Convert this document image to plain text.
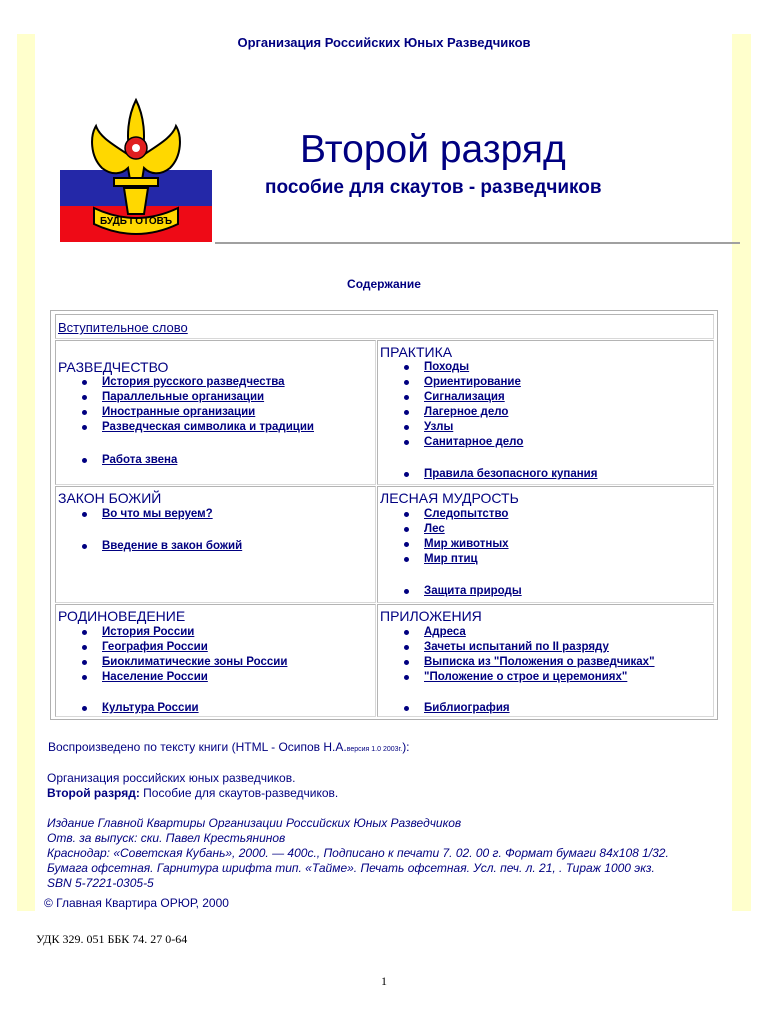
Организация Российских Юных Разведчиков
БУДЬ ГОТОВЪ
Второй разряд
пособие для скаутов - разведчиков
Содержание
Вступительное слово
РАЗВЕДЧЕСТВО
История русского разведчества
Параллельные организации
Иностранные организации
Разведческая символика и традиции
Работа звена
ПРАКТИКА
Походы
Ориентирование
Сигнализация
Лагерное дело
Узлы
Санитарное дело
Правила безопасного купания
ЗАКОН БОЖИЙ
Во что мы веруем?
Введение в закон божий
ЛЕСНАЯ МУДРОСТЬ
Следопытство
Лес
Мир животных
Мир птиц
Защита природы
РОДИНОВЕДЕНИЕ
История России
География России
Биоклиматические зоны России
Население России
Культура России
ПРИЛОЖЕНИЯ
Адреса
Зачеты испытаний по II разряду
Выписка из "Положения о разведчиках"
"Положение о строе и церемониях"
Библиография
Воспроизведено по тексту книги (HTML - Осипов Н.А.версия 1.0 2003г.):
Организация российских юных разведчиков.
Второй разряд: Пособие для скаутов-разведчиков.
Издание Главной Квартиры Организации Российских Юных Разведчиков
Отв. за выпуск: ски. Павел Крестьянинов
Краснодар: «Советская Кубань», 2000. — 400с., Подписано к печати 7. 02. 00 г. Формат бумаги 84х108 1/32.
Бумага офсетная. Гарнитура шрифта тип. «Тайме». Печать офсетная. Усл. печ. л. 21, . Тираж 1000 экз.
SBN 5-7221-0305-5
© Главная Квартира ОРЮР, 2000
УДК 329. 051 ББК 74. 27 0-64
1
